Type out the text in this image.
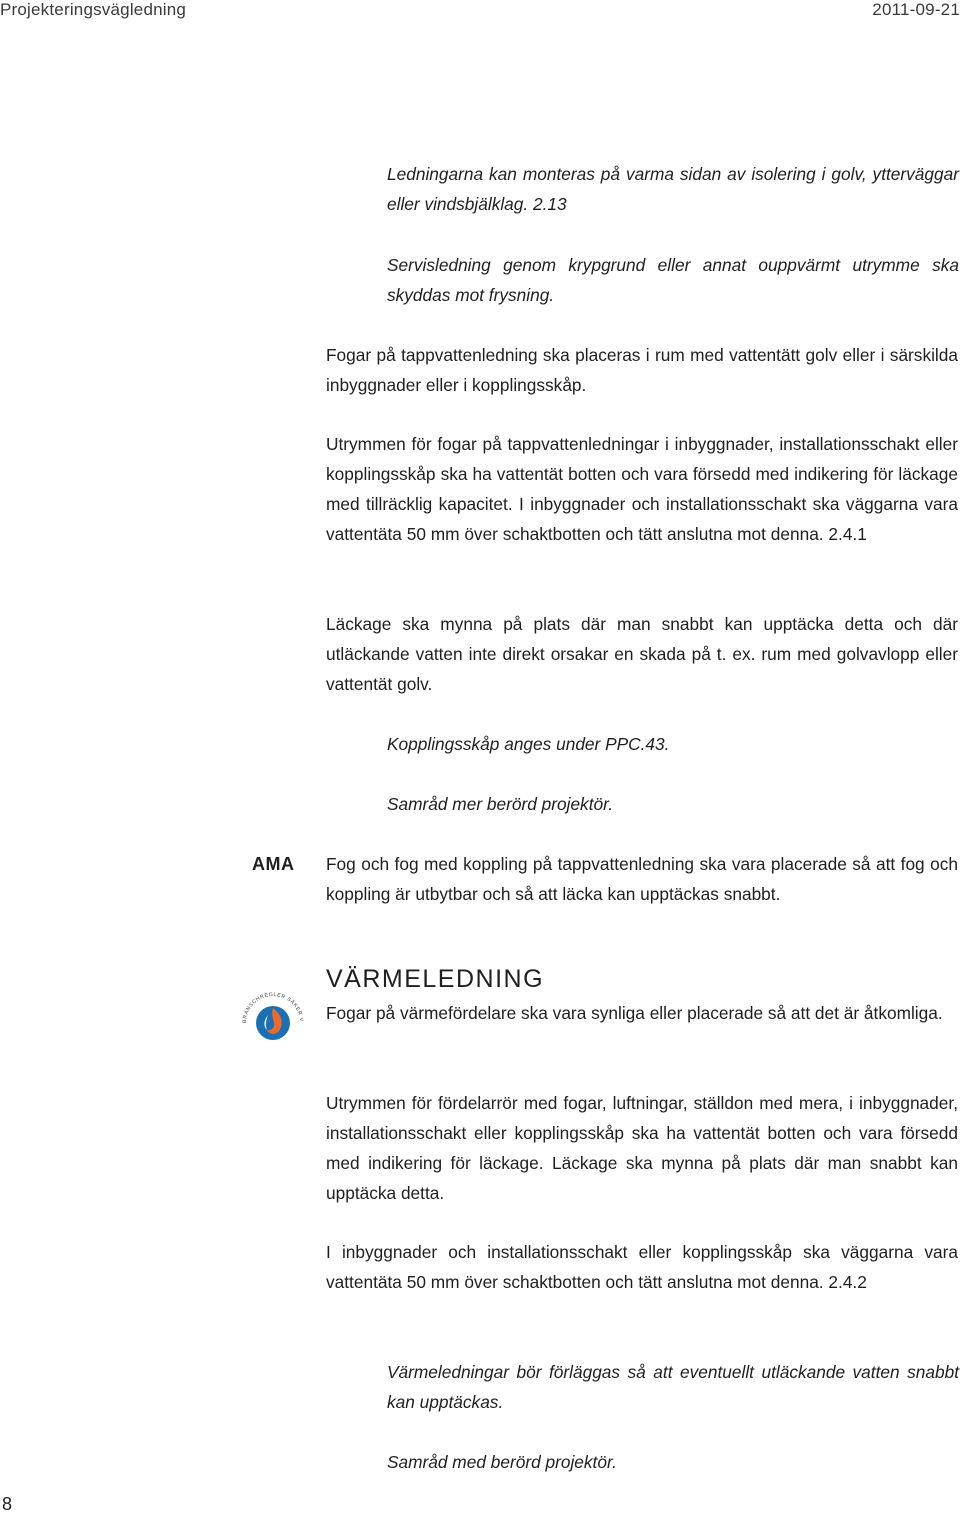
Projekteringsvägledning	2011-09-21

Ledningarna kan monteras på varma sidan av isolering i golv, ytterväggar eller vindsbjälklag. 2.13

Servisledning genom krypgrund eller annat ouppvärmt utrymme ska skyddas mot frysning.

Fogar på tappvattenledning ska placeras i rum med vattentätt golv eller i särskilda inbyggnader eller i kopplingsskåp.

Utrymmen för fogar på tappvattenledningar i inbyggnader, installationsschakt eller kopplingsskåp ska ha vattentät botten och vara försedd med indikering för läckage med tillräcklig kapacitet. I inbyggnader och installationsschakt ska väggarna vara vattentäta 50 mm över schaktbotten och tätt anslutna mot denna. 2.4.1

Läckage ska mynna på plats där man snabbt kan upptäcka detta och där utläckande vatten inte direkt orsakar en skada på t. ex. rum med golvavlopp eller vattentät golv.

Kopplingsskåp anges under PPC.43.

Samråd mer berörd projektör.

AMA Fog och fog med koppling på tappvattenledning ska vara placerade så att fog och koppling är utbytbar och så att läcka kan upptäckas snabbt.

BRANSCHREGLER SÄKER V
VÄRMELEDNING

Fogar på värmefördelare ska vara synliga eller placerade så att det är åtkomliga.

Utrymmen för fördelarrör med fogar, luftningar, ställdon med mera, i inbyggnader, installationsschakt eller kopplingsskåp ska ha vattentät botten och vara försedd med indikering för läckage. Läckage ska mynna på plats där man snabbt kan upptäcka detta.

I inbyggnader och installationsschakt eller kopplingsskåp ska väggarna vara vattentäta 50 mm över schaktbotten och tätt anslutna mot denna. 2.4.2

Värmeledningar bör förläggas så att eventuellt utläckande vatten snabbt kan upptäckas.

Samråd med berörd projektör.

8
